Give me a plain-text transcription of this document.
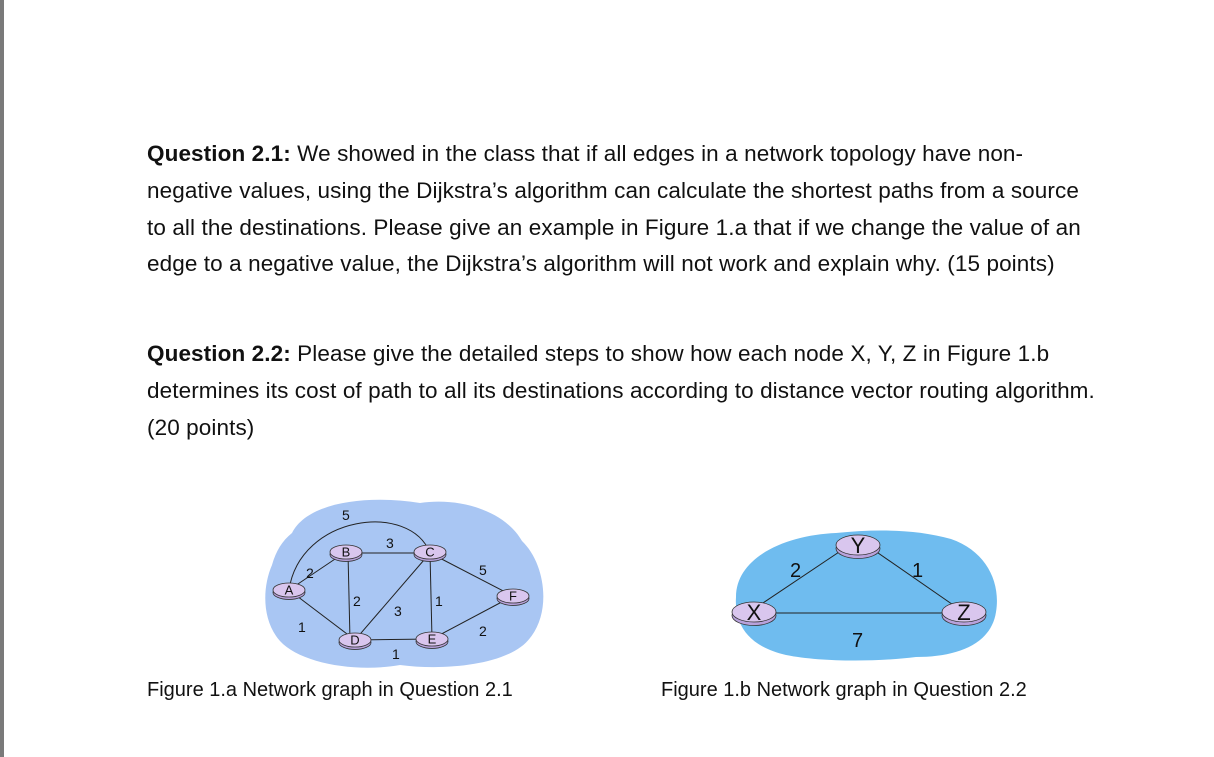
Question 2.1: We showed in the class that if all edges in a network topology have non-negative values, using the Dijkstra’s algorithm can calculate the shortest paths from a source to all the destinations. Please give an example in Figure 1.a that if we change the value of an edge to a negative value, the Dijkstra’s algorithm will not work and explain why. (15 points)

Question 2.2: Please give the detailed steps to show how each node X, Y, Z in Figure 1.b determines its cost of path to all its destinations according to distance vector routing algorithm. (20 points)

A
B	C
D	E
F
5
2
1
3
2
3
1
1
5
2
X
Y
Z
2	1
7
Figure 1.a Network graph in Question 2.1	Figure 1.b Network graph in Question 2.2
